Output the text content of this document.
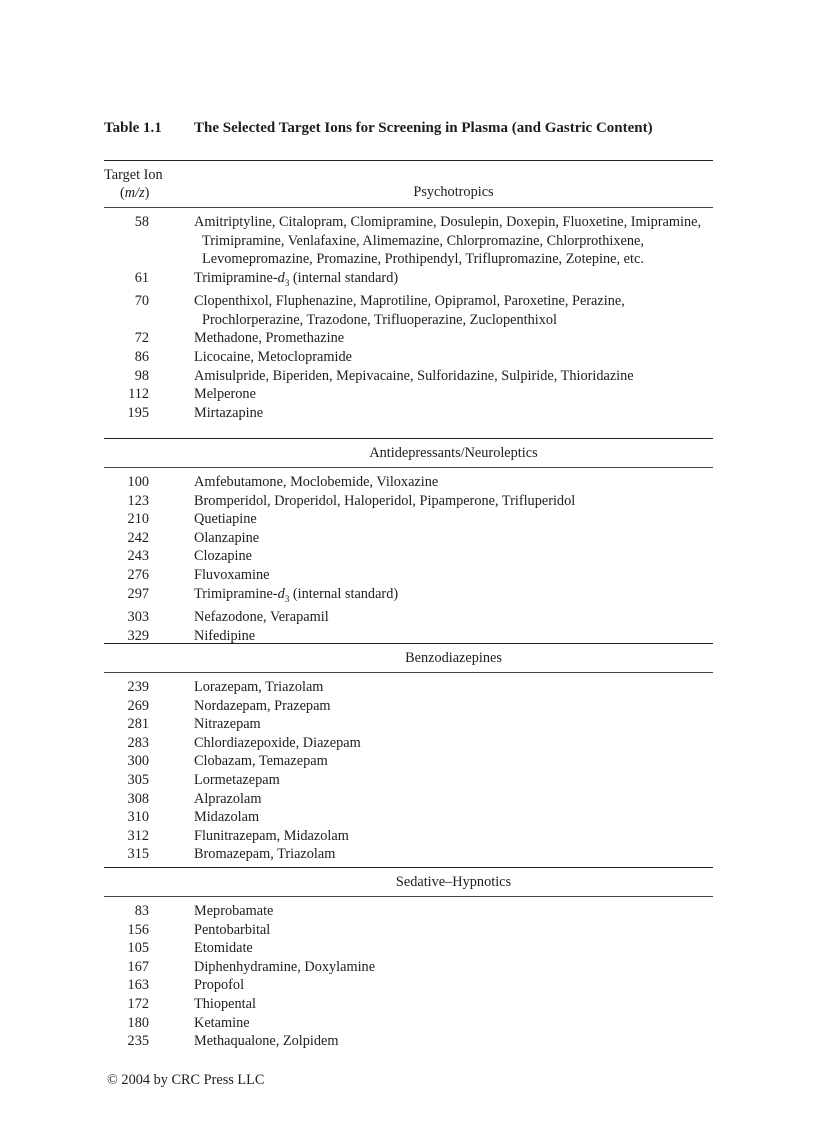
Table 1.1 The Selected Target Ions for Screening in Plasma (and Gastric Content)
Target Ion
(m/z)	Psychotropics
58	Amitriptyline, Citalopram, Clomipramine, Dosulepin, Doxepin, Fluoxetine, Imipramine, Trimipramine, Venlafaxine, Alimemazine, Chlorpromazine, Chlorprothixene, Levomepromazine, Promazine, Prothipendyl, Triflupromazine, Zotepine, etc.
61	Trimipramine-$d_3$ (internal standard)
70	Clopenthixol, Fluphenazine, Maprotiline, Opipramol, Paroxetine, Perazine, Prochlorperazine, Trazodone, Trifluoperazine, Zuclopenthixol
72	Methadone, Promethazine
86	Licocaine, Metoclopramide
98	Amisulpride, Biperiden, Mepivacaine, Sulforidazine, Sulpiride, Thioridazine
112	Melperone
195	Mirtazapine
Antidepressants/Neuroleptics
100	Amfebutamone, Moclobemide, Viloxazine
123	Bromperidol, Droperidol, Haloperidol, Pipamperone, Trifluperidol
210	Quetiapine
242	Olanzapine
243	Clozapine
276	Fluvoxamine
297	Trimipramine-$d_3$ (internal standard)
303	Nefazodone, Verapamil
329	Nifedipine
Benzodiazepines
239	Lorazepam, Triazolam
269	Nordazepam, Prazepam
281	Nitrazepam
283	Chlordiazepoxide, Diazepam
300	Clobazam, Temazepam
305	Lormetazepam
308	Alprazolam
310	Midazolam
312	Flunitrazepam, Midazolam
315	Bromazepam, Triazolam
Sedative–Hypnotics
83	Meprobamate
156	Pentobarbital
105	Etomidate
167	Diphenhydramine, Doxylamine
163	Propofol
172	Thiopental
180	Ketamine
235	Methaqualone, Zolpidem
© 2004 by CRC Press LLC
